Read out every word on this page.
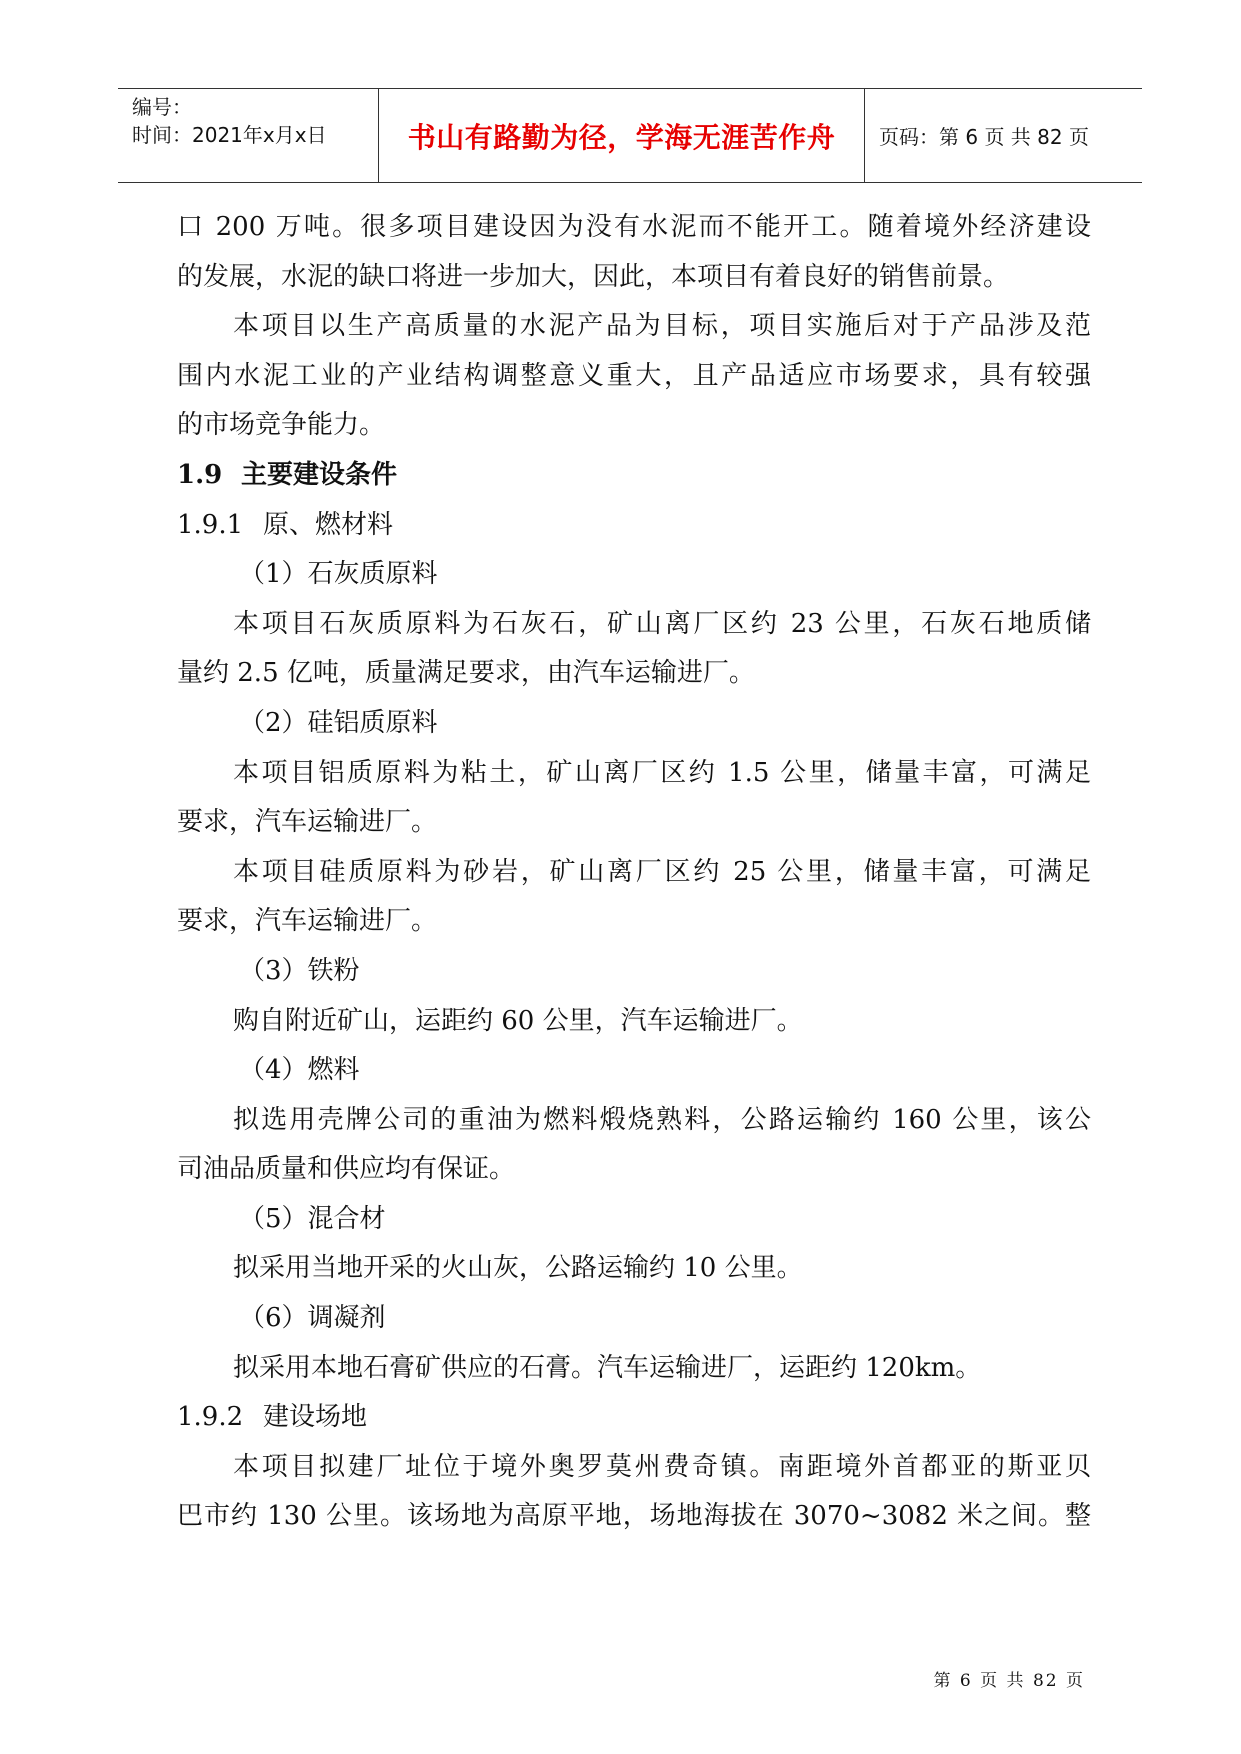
编号：
时间：2021年x月x日	书山有路勤为径，学海无涯苦作舟	页码：第 6 页 共 82 页
口 200 万吨。很多项目建设因为没有水泥而不能开工。随着境外经济建设
的发展，水泥的缺口将进一步加大，因此，本项目有着良好的销售前景。
本项目以生产高质量的水泥产品为目标，项目实施后对于产品涉及范
围内水泥工业的产业结构调整意义重大，且产品适应市场要求，具有较强
的市场竞争能力。
1.9 主要建设条件
1.9.1 原、燃材料
（1）石灰质原料
本项目石灰质原料为石灰石，矿山离厂区约 23 公里，石灰石地质储
量约 2.5 亿吨，质量满足要求，由汽车运输进厂。
（2）硅铝质原料
本项目铝质原料为粘土，矿山离厂区约 1.5 公里，储量丰富，可满足
要求，汽车运输进厂。
本项目硅质原料为砂岩，矿山离厂区约 25 公里，储量丰富，可满足
要求，汽车运输进厂。
（3）铁粉
购自附近矿山，运距约 60 公里，汽车运输进厂。
（4）燃料
拟选用壳牌公司的重油为燃料煅烧熟料，公路运输约 160 公里，该公
司油品质量和供应均有保证。
（5）混合材
拟采用当地开采的火山灰，公路运输约 10 公里。
（6）调凝剂
拟采用本地石膏矿供应的石膏。汽车运输进厂，运距约 120km。
1.9.2 建设场地
本项目拟建厂址位于境外奥罗莫州费奇镇。南距境外首都亚的斯亚贝
巴市约 130 公里。该场地为高原平地，场地海拔在 3070~3082 米之间。整
第 6 页 共 82 页
